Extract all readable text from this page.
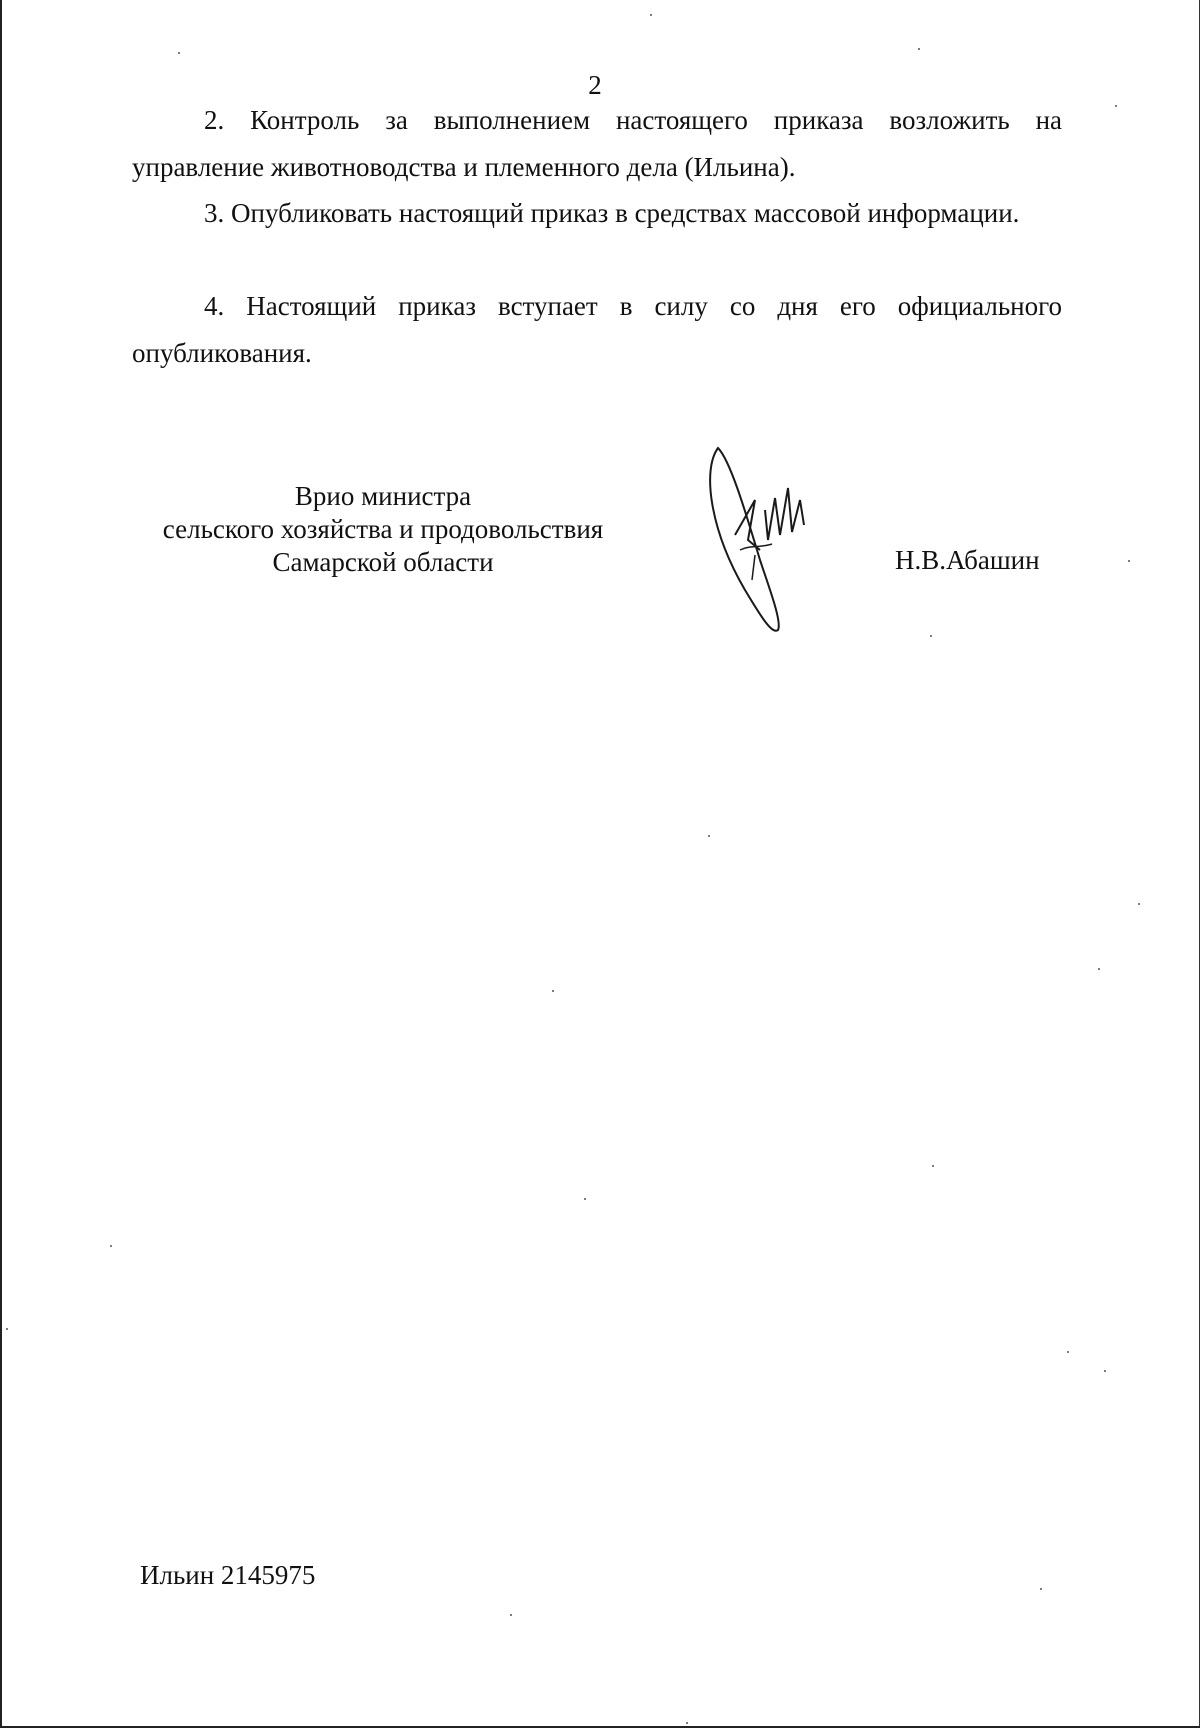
2
2. Контроль за выполнением настоящего приказа возложить на управление животноводства и племенного дела (Ильина).
3. Опубликовать настоящий приказ в средствах массовой информации.
4. Настоящий приказ вступает в силу со дня его официального опубликования.
Врио министра
сельского хозяйства и продовольствия
Самарской области	Н.В.Абашин
Ильин 2145975
